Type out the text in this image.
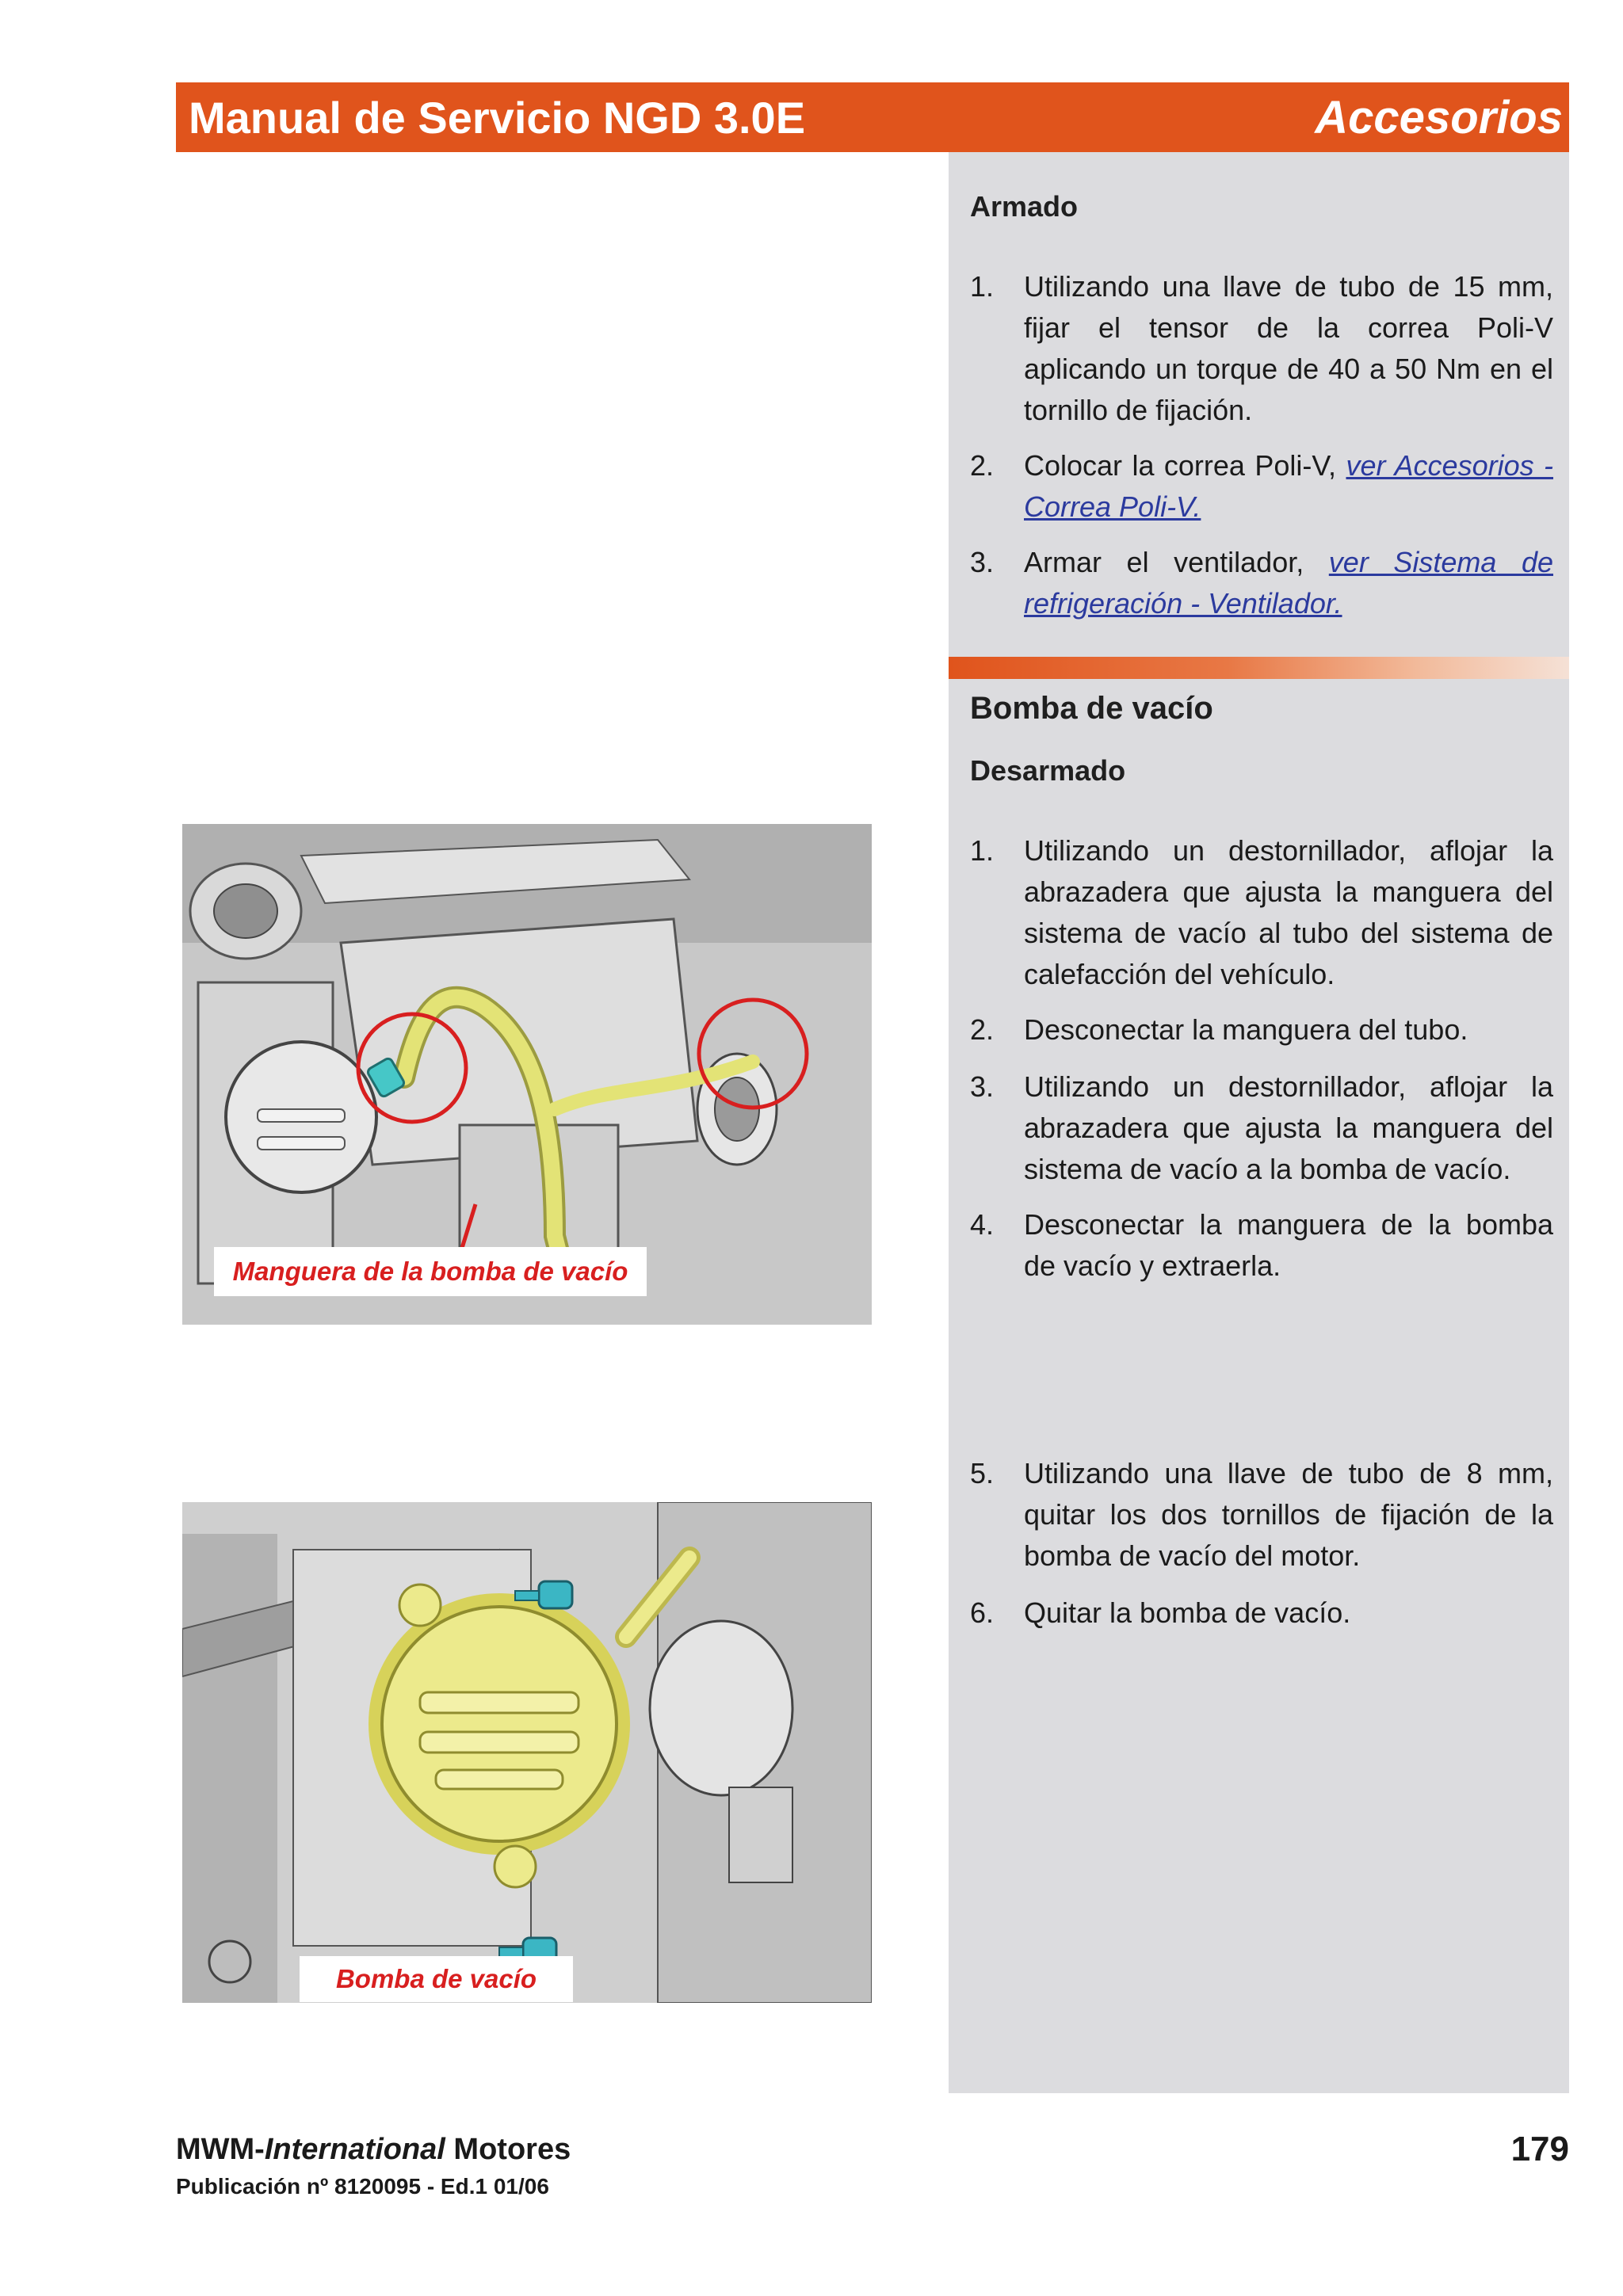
Manual de Servicio NGD 3.0E	Accesorios
Armado
1. Utilizando una llave de tubo de 15 mm, fijar el tensor de la correa Poli-V aplicando un torque de 40 a 50 Nm en el tornillo de fijación.
2. Colocar la correa Poli-V, ver Accesorios - Correa Poli-V.
3. Armar el ventilador, ver Sistema de refrigeración - Ventilador.
Bomba de vacío
Desarmado
1. Utilizando un destornillador, aflojar la abrazadera que ajusta la manguera del sistema de vacío al tubo del sistema de calefacción del vehículo.
2. Desconectar la manguera del tubo.
3. Utilizando un destornillador, aflojar la abrazadera que ajusta la manguera del sistema de vacío a la bomba de vacío.
4. Desconectar la manguera de la bomba de vacío y extraerla.
5. Utilizando una llave de tubo de 8 mm, quitar los dos tornillos de fijación de la bomba de vacío del motor.
6. Quitar la bomba de vacío.
Manguera de la bomba de vacío
Bomba de vacío
MWM-International Motores
Publicación nº 8120095 - Ed.1 01/06
179
